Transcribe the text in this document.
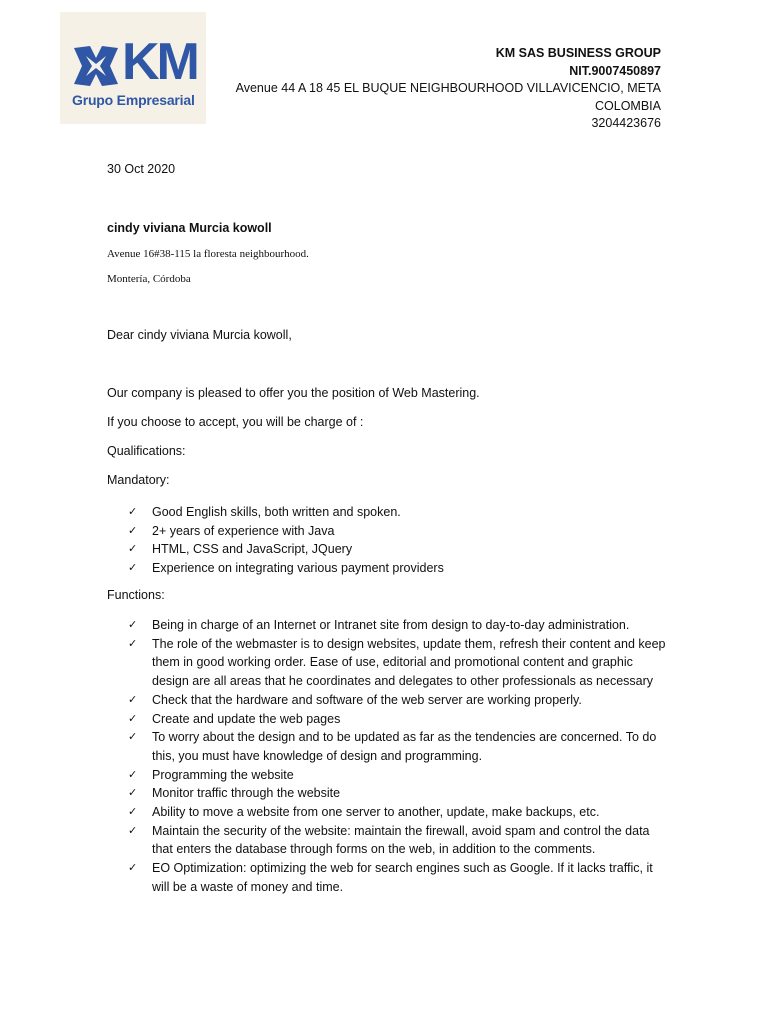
KM
Grupo Empresarial
KM SAS BUSINESS GROUP
NIT.9007450897
Avenue 44 A 18 45 EL BUQUE NEIGHBOURHOOD VILLAVICENCIO, META
COLOMBIA
3204423676
30 Oct 2020
cindy viviana Murcia kowoll
Avenue 16#38-115 la floresta neighbourhood.
Montería, Córdoba
Dear cindy viviana Murcia kowoll,
Our company is pleased to offer you the position of Web Mastering.
If you choose to accept, you will be charge of :
Qualifications:
Mandatory:
✓ Good English skills, both written and spoken.
✓ 2+ years of experience with Java
✓ HTML, CSS and JavaScript, JQuery
✓ Experience on integrating various payment providers
Functions:
✓ Being in charge of an Internet or Intranet site from design to day-to-day administration.
✓ The role of the webmaster is to design websites, update them, refresh their content and keep them in good working order. Ease of use, editorial and promotional content and graphic design are all areas that he coordinates and delegates to other professionals as necessary
✓ Check that the hardware and software of the web server are working properly.
✓ Create and update the web pages
✓ To worry about the design and to be updated as far as the tendencies are concerned. To do this, you must have knowledge of design and programming.
✓ Programming the website
✓ Monitor traffic through the website
✓ Ability to move a website from one server to another, update, make backups, etc.
✓ Maintain the security of the website: maintain the firewall, avoid spam and control the data that enters the database through forms on the web, in addition to the comments.
✓ EO Optimization: optimizing the web for search engines such as Google. If it lacks traffic, it will be a waste of money and time.
